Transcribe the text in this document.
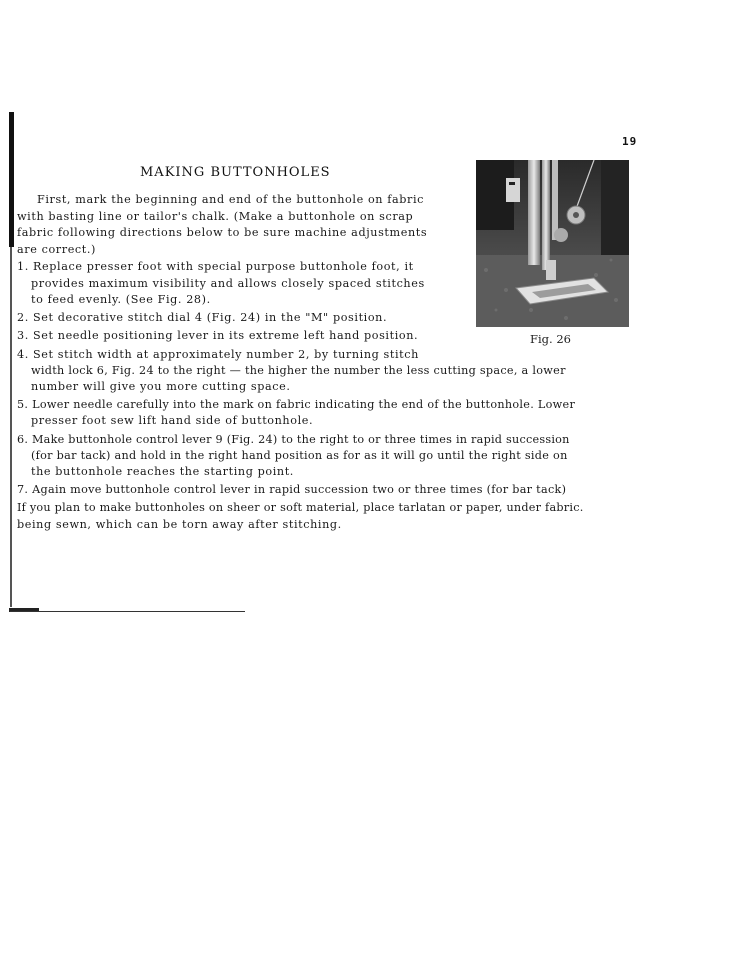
19
MAKING BUTTONHOLES
Fig. 26
First, mark the beginning and end of the buttonhole on fabric
with basting line or tailor's chalk. (Make a buttonhole on scrap
fabric following directions below to be sure machine adjustments
are correct.)
1. Replace presser foot with special purpose buttonhole foot, it
provides maximum visibility and allows closely spaced stitches
to feed evenly. (See Fig. 28).
2. Set decorative stitch dial 4 (Fig. 24) in the "M" position.
3. Set needle positioning lever in its extreme left hand position.
4. Set stitch width at approximately number 2, by turning stitch
width lock 6, Fig. 24 to the right — the higher the number the less cutting space, a lower
number will give you more cutting space.
5. Lower needle carefully into the mark on fabric indicating the end of the buttonhole. Lower
presser foot sew lift hand side of buttonhole.
6. Make buttonhole control lever 9 (Fig. 24) to the right to or three times in rapid succession
(for bar tack) and hold in the right hand position as for as it will go until the right side on
the buttonhole reaches the starting point.
7. Again move buttonhole control lever in rapid succession two or three times (for bar tack)
If you plan to make buttonholes on sheer or soft material, place tarlatan or paper, under fabric.
being sewn, which can be torn away after stitching.
